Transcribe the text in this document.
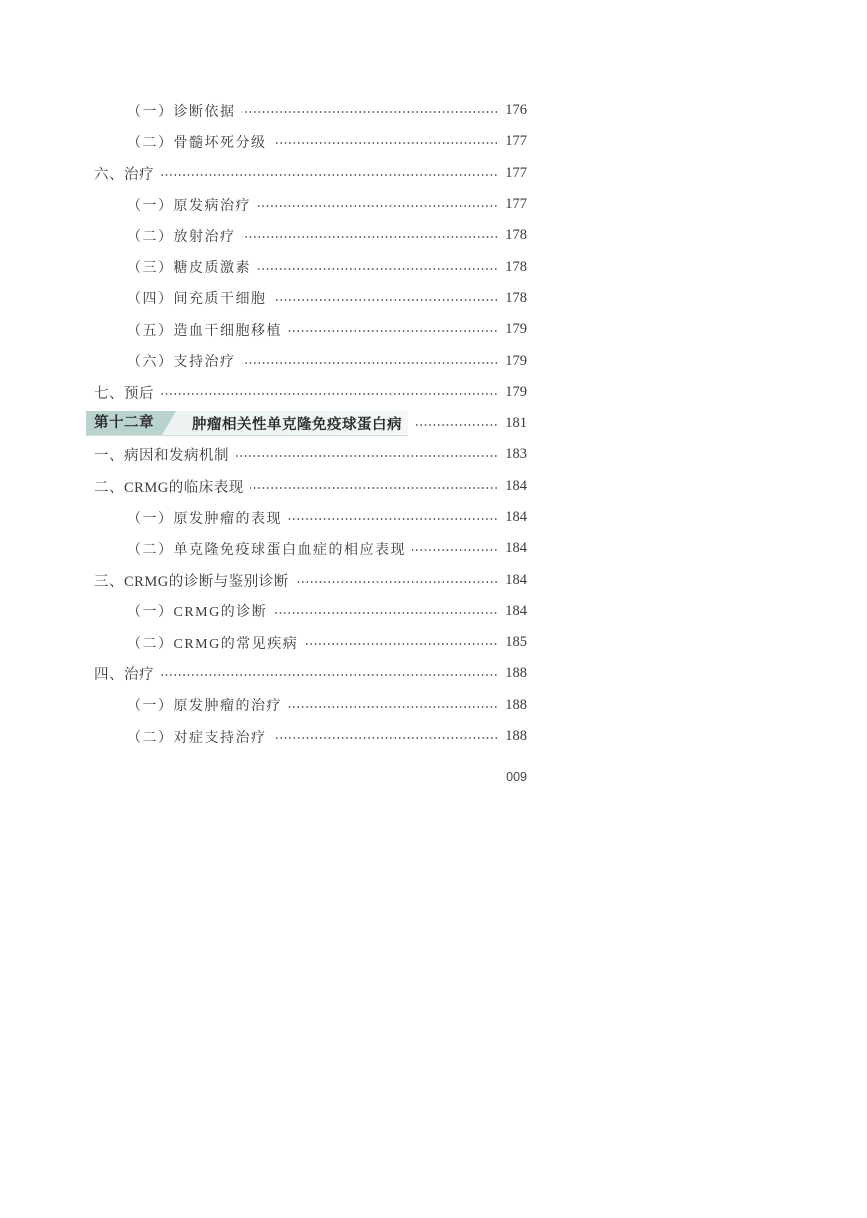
（一）诊断依据	176
（二）骨髓坏死分级	177
六、治疗	177
（一）原发病治疗	177
（二）放射治疗	178
（三）糖皮质激素	178
（四）间充质干细胞	178
（五）造血干细胞移植	179
（六）支持治疗	179
七、预后	179
第十二章	肿瘤相关性单克隆免疫球蛋白病	181
一、病因和发病机制	183
二、CRMG的临床表现	184
（一）原发肿瘤的表现	184
（二）单克隆免疫球蛋白血症的相应表现	184
三、CRMG的诊断与鉴别诊断	184
（一）CRMG的诊断	184
（二）CRMG的常见疾病	185
四、治疗	188
（一）原发肿瘤的治疗	188
（二）对症支持治疗	188
009
